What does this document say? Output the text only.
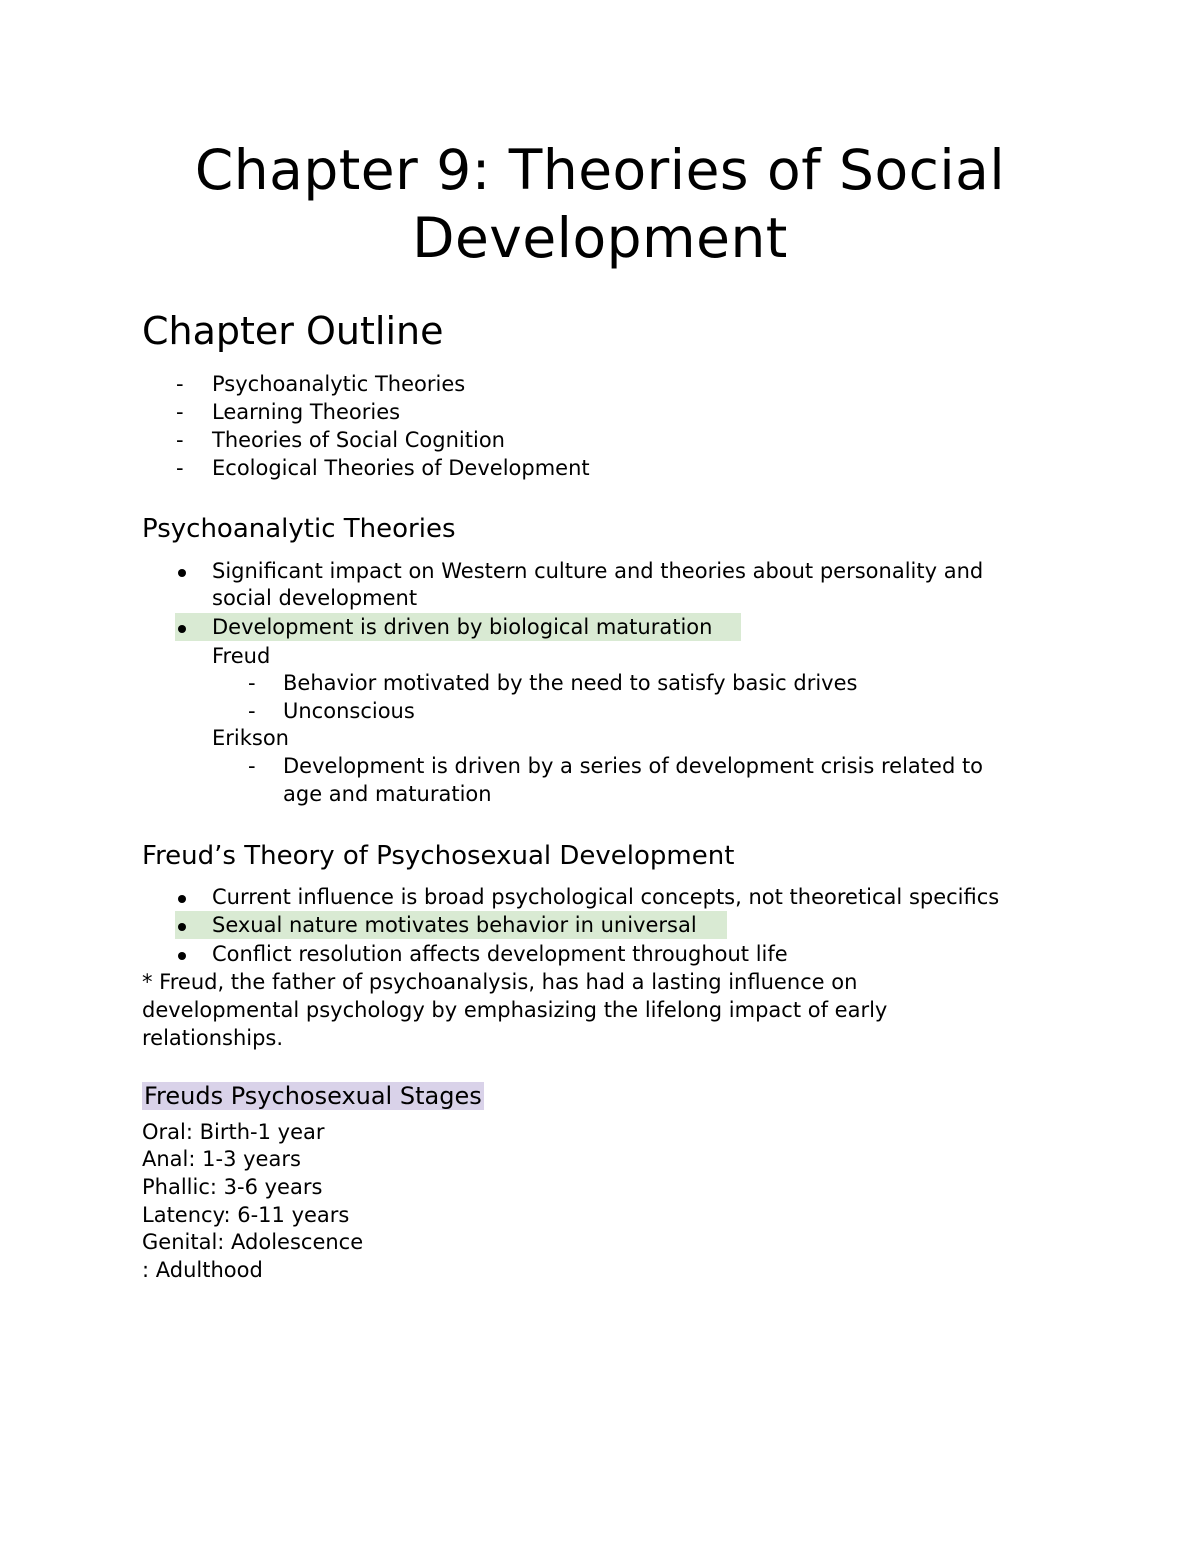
Chapter 9: Theories of Social
Development
Chapter Outline
- Psychoanalytic Theories
- Learning Theories
- Theories of Social Cognition
- Ecological Theories of Development
Psychoanalytic Theories
Significant impact on Western culture and theories about personality and
social development
Development is driven by biological maturation
Freud
- Behavior motivated by the need to satisfy basic drives
- Unconscious
Erikson
- Development is driven by a series of development crisis related to
age and maturation
Freud’s Theory of Psychosexual Development
Current influence is broad psychological concepts, not theoretical specifics
Sexual nature motivates behavior in universal
Conflict resolution affects development throughout life
* Freud, the father of psychoanalysis, has had a lasting influence on
developmental psychology by emphasizing the lifelong impact of early
relationships.
Freuds Psychosexual Stages
Oral: Birth-1 year
Anal: 1-3 years
Phallic: 3-6 years
Latency: 6-11 years
Genital: Adolescence
: Adulthood
